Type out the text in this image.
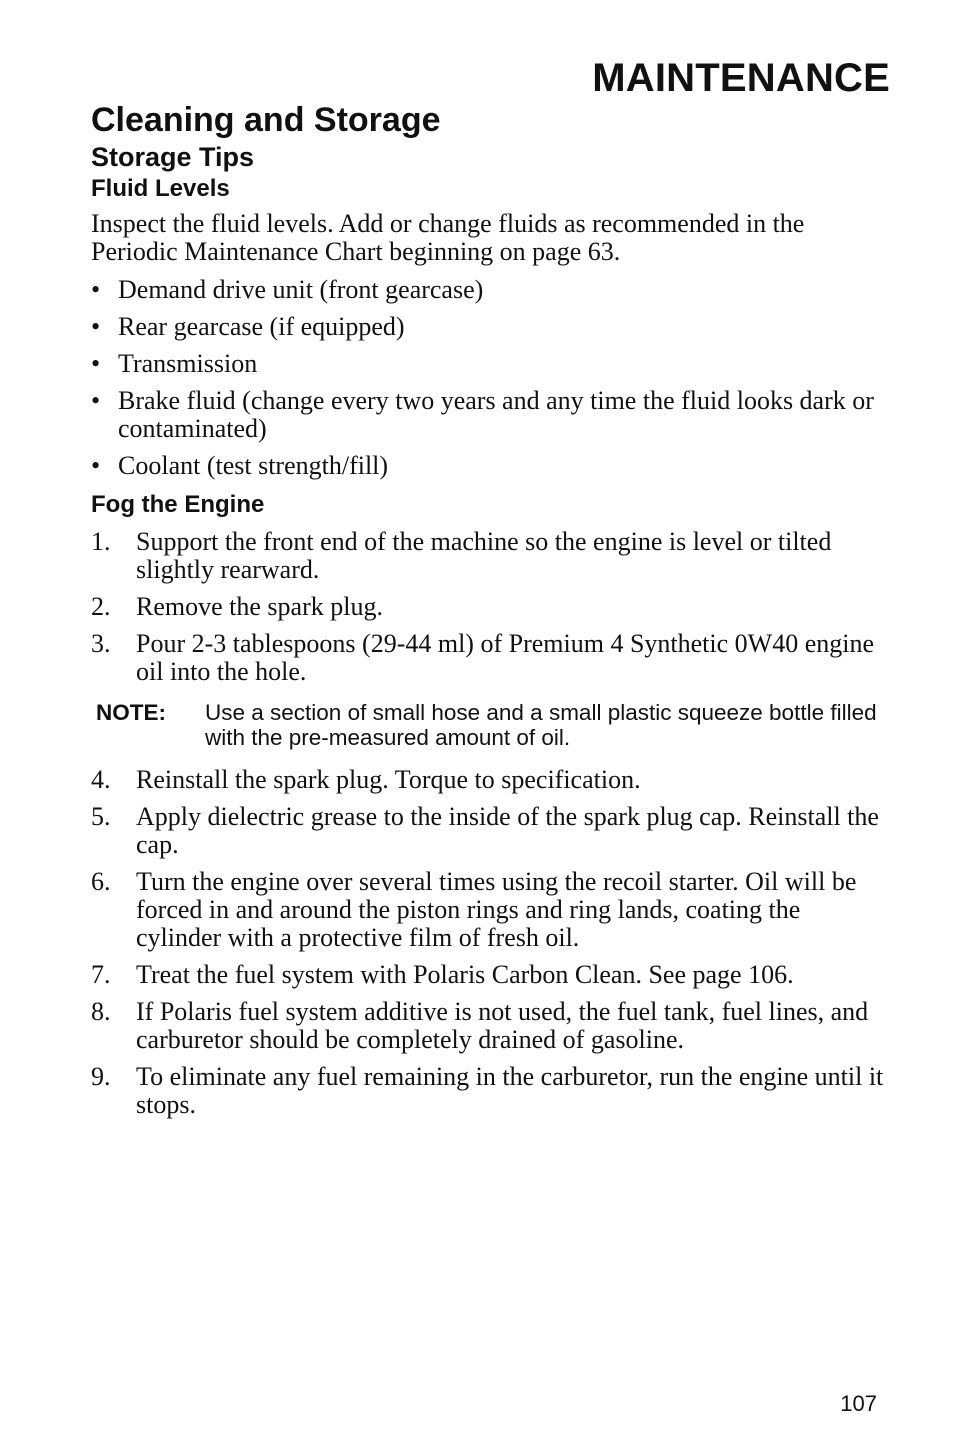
MAINTENANCE
Cleaning and Storage
Storage Tips
Fluid Levels

Inspect the fluid levels. Add or change fluids as recommended in the Periodic Maintenance Chart beginning on page 63.

• Demand drive unit (front gearcase)
• Rear gearcase (if equipped)
• Transmission
• Brake fluid (change every two years and any time the fluid looks dark or contaminated)
• Coolant (test strength/fill)
Fog the Engine
1. Support the front end of the machine so the engine is level or tilted slightly rearward.
2. Remove the spark plug.
3. Pour 2-3 tablespoons (29-44 ml) of Premium 4 Synthetic 0W40 engine oil into the hole.
NOTE: Use a section of small hose and a small plastic squeeze bottle filled with the pre-measured amount of oil.
4. Reinstall the spark plug. Torque to specification.
5. Apply dielectric grease to the inside of the spark plug cap. Reinstall the cap.
6. Turn the engine over several times using the recoil starter. Oil will be forced in and around the piston rings and ring lands, coating the cylinder with a protective film of fresh oil.
7. Treat the fuel system with Polaris Carbon Clean. See page 106.
8. If Polaris fuel system additive is not used, the fuel tank, fuel lines, and carburetor should be completely drained of gasoline.
9. To eliminate any fuel remaining in the carburetor, run the engine until it stops.
107
